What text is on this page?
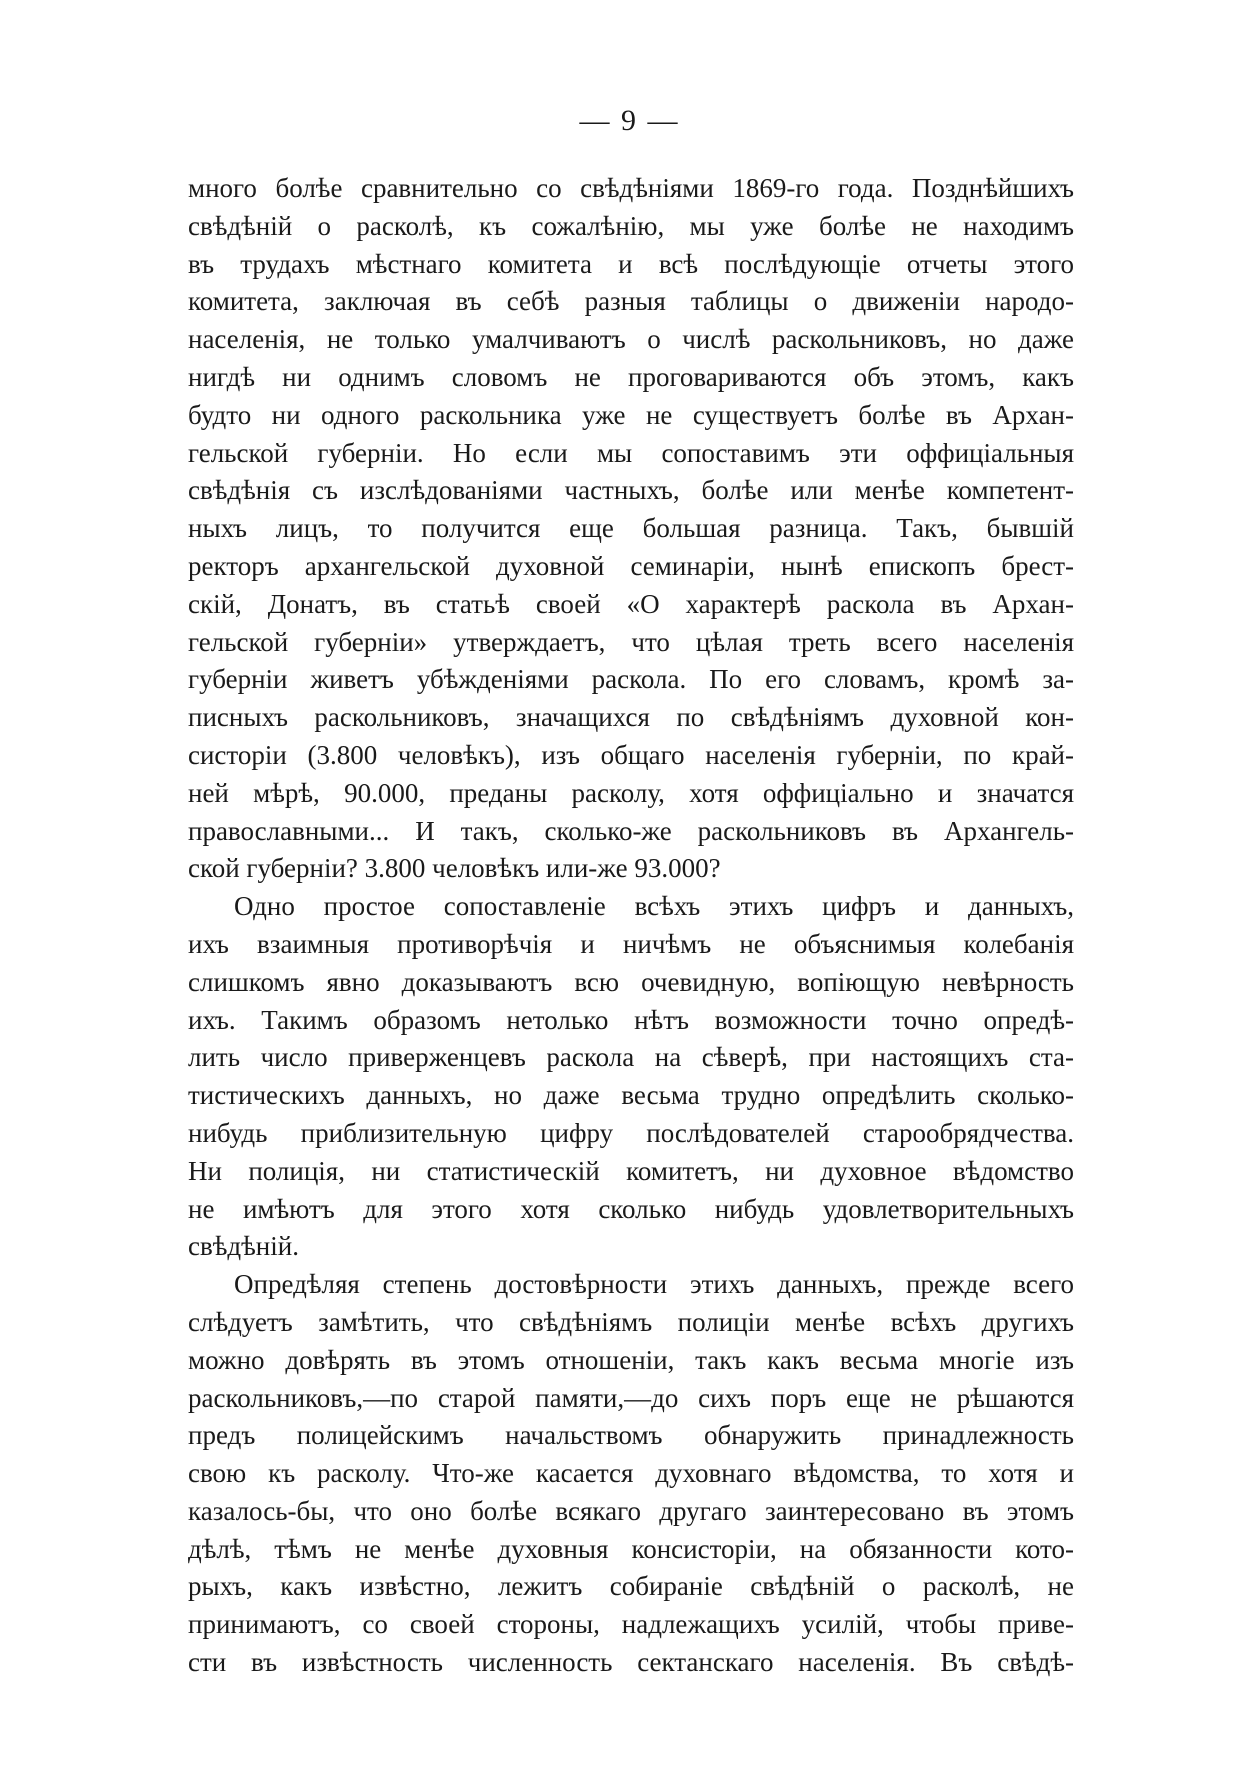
— 9 —
много болѣе сравнительно со свѣдѣніями 1869-го года. Позднѣйшихъ
свѣдѣній о расколѣ, къ сожалѣнію, мы уже болѣе не находимъ
въ трудахъ мѣстнаго комитета и всѣ послѣдующіе отчеты этого
комитета, заключая въ себѣ разныя таблицы о движеніи народо-
населенія, не только умалчиваютъ о числѣ раскольниковъ, но даже
нигдѣ ни однимъ словомъ не проговариваются объ этомъ, какъ
будто ни одного раскольника уже не существуетъ болѣе въ Архан-
гельской губерніи. Но если мы сопоставимъ эти оффиціальныя
свѣдѣнія съ изслѣдованіями частныхъ, болѣе или менѣе компетент-
ныхъ лицъ, то получится еще большая разница. Такъ, бывшій
ректоръ архангельской духовной семинаріи, нынѣ епископъ брест-
скій, Донатъ, въ статьѣ своей «О характерѣ раскола въ Архан-
гельской губерніи» утверждаетъ, что цѣлая треть всего населенія
губерніи живетъ убѣжденіями раскола. По его словамъ, кромѣ за-
писныхъ раскольниковъ, значащихся по свѣдѣніямъ духовной кон-
систоріи (3.800 человѣкъ), изъ общаго населенія губерніи, по край-
ней мѣрѣ, 90.000, преданы расколу, хотя оффиціально и значатся
православными... И такъ, сколько-же раскольниковъ въ Архангель-
ской губерніи? 3.800 человѣкъ или-же 93.000?
Одно простое сопоставленіе всѣхъ этихъ цифръ и данныхъ,
ихъ взаимныя противорѣчія и ничѣмъ не объяснимыя колебанія
слишкомъ явно доказываютъ всю очевидную, вопіющую невѣрность
ихъ. Такимъ образомъ нетолько нѣтъ возможности точно опредѣ-
лить число приверженцевъ раскола на сѣверѣ, при настоящихъ ста-
тистическихъ данныхъ, но даже весьма трудно опредѣлить сколько-
нибудь приблизительную цифру послѣдователей старообрядчества.
Ни полиція, ни статистическій комитетъ, ни духовное вѣдомство
не имѣютъ для этого хотя сколько нибудь удовлетворительныхъ
свѣдѣній.
Опредѣляя степень достовѣрности этихъ данныхъ, прежде всего
слѣдуетъ замѣтить, что свѣдѣніямъ полиціи менѣе всѣхъ другихъ
можно довѣрять въ этомъ отношеніи, такъ какъ весьма многіе изъ
раскольниковъ,—по старой памяти,—до сихъ поръ еще не рѣшаются
предъ полицейскимъ начальствомъ обнаружить принадлежность
свою къ расколу. Что-же касается духовнаго вѣдомства, то хотя и
казалось-бы, что оно болѣе всякаго другаго заинтересовано въ этомъ
дѣлѣ, тѣмъ не менѣе духовныя консисторіи, на обязанности кото-
рыхъ, какъ извѣстно, лежитъ собираніе свѣдѣній о расколѣ, не
принимаютъ, со своей стороны, надлежащихъ усилій, чтобы приве-
сти въ извѣстность численность сектанскаго населенія. Въ свѣдѣ-
